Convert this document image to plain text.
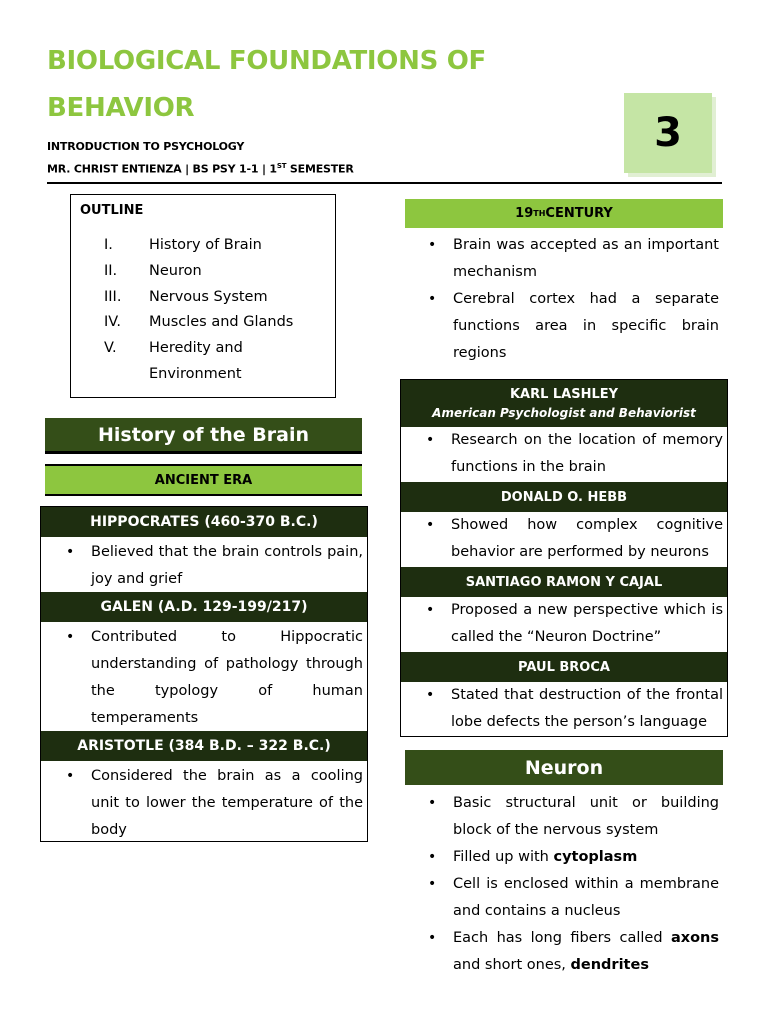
BIOLOGICAL FOUNDATIONS OF
BEHAVIOR
INTRODUCTION TO PSYCHOLOGY
MR. CHRIST ENTIENZA | BS PSY 1-1 | 1ST SEMESTER
3
OUTLINE
I.	History of Brain
II.	Neuron
III.	Nervous System
IV.	Muscles and Glands
V.	Heredity and Environment
History of the Brain
ANCIENT ERA
HIPPOCRATES (460-370 B.C.)
• Believed that the brain controls pain, joy and grief
GALEN (A.D. 129-199/217)
• Contributed to Hippocratic understanding of pathology through the typology of human temperaments
ARISTOTLE (384 B.D. – 322 B.C.)
• Considered the brain as a cooling unit to lower the temperature of the body
19 TH CENTURY
• Brain was accepted as an important mechanism
• Cerebral cortex had a separate functions area in specific brain regions
KARL LASHLEY
American Psychologist and Behaviorist
• Research on the location of memory functions in the brain
DONALD O. HEBB
• Showed how complex cognitive behavior are performed by neurons
SANTIAGO RAMON Y CAJAL
• Proposed a new perspective which is called the “Neuron Doctrine”
PAUL BROCA
• Stated that destruction of the frontal lobe defects the person’s language
Neuron
• Basic structural unit or building block of the nervous system
• Filled up with cytoplasm
• Cell is enclosed within a membrane and contains a nucleus
• Each has long fibers called axons and short ones, dendrites
